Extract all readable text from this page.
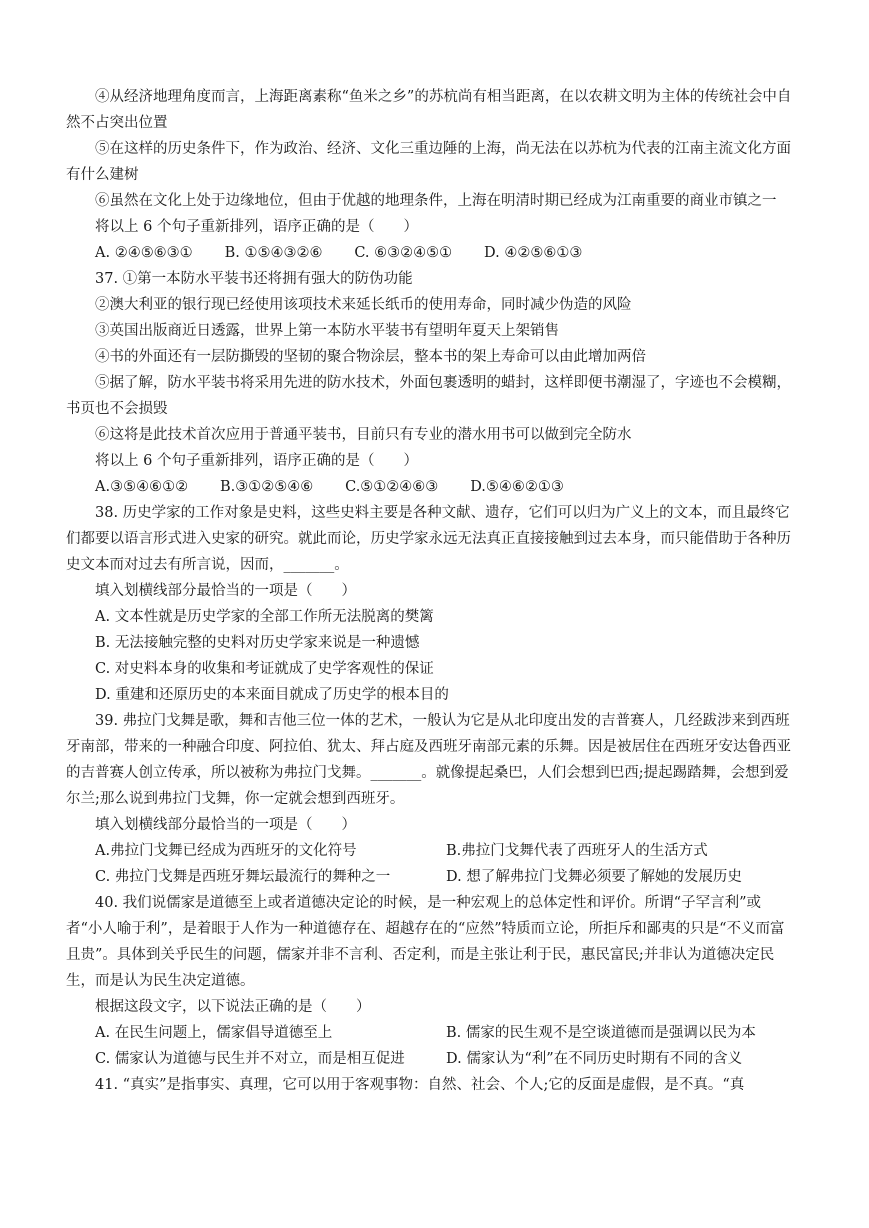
④从经济地理角度而言，上海距离素称“鱼米之乡”的苏杭尚有相当距离，在以农耕文明为主体的传统社会中自然不占突出位置

⑤在这样的历史条件下，作为政治、经济、文化三重边陲的上海，尚无法在以苏杭为代表的江南主流文化方面有什么建树

⑥虽然在文化上处于边缘地位，但由于优越的地理条件，上海在明清时期已经成为江南重要的商业市镇之一

将以上 6 个句子重新排列，语序正确的是（　　）

A. ②④⑤⑥③① B. ①⑤④③②⑥ C. ⑥③②④⑤① D. ④②⑤⑥①③

37. ①第一本防水平装书还将拥有强大的防伪功能

②澳大利亚的银行现已经使用该项技术来延长纸币的使用寿命，同时减少伪造的风险

③英国出版商近日透露，世界上第一本防水平装书有望明年夏天上架销售

④书的外面还有一层防撕毁的坚韧的聚合物涂层，整本书的架上寿命可以由此增加两倍

⑤据了解，防水平装书将采用先进的防水技术，外面包裹透明的蜡封，这样即便书潮湿了，字迹也不会模糊，书页也不会损毁

⑥这将是此技术首次应用于普通平装书，目前只有专业的潜水用书可以做到完全防水

将以上 6 个句子重新排列，语序正确的是（　　）

A.③⑤④⑥①② B.③①②⑤④⑥ C.⑤①②④⑥③ D.⑤④⑥②①③

38. 历史学家的工作对象是史料，这些史料主要是各种文献、遗存，它们可以归为广义上的文本，而且最终它们都要以语言形式进入史家的研究。就此而论，历史学家永远无法真正直接接触到过去本身，而只能借助于各种历史文本而对过去有所言说，因而，_______。

填入划横线部分最恰当的一项是（　　）

A. 文本性就是历史学家的全部工作所无法脱离的樊篱

B. 无法接触完整的史料对历史学家来说是一种遗憾

C. 对史料本身的收集和考证就成了史学客观性的保证

D. 重建和还原历史的本来面目就成了历史学的根本目的

39. 弗拉门戈舞是歌，舞和吉他三位一体的艺术，一般认为它是从北印度出发的吉普赛人，几经跋涉来到西班牙南部，带来的一种融合印度、阿拉伯、犹太、拜占庭及西班牙南部元素的乐舞。因是被居住在西班牙安达鲁西亚的吉普赛人创立传承，所以被称为弗拉门戈舞。_______。就像提起桑巴，人们会想到巴西;提起踢踏舞，会想到爱尔兰;那么说到弗拉门戈舞，你一定就会想到西班牙。

填入划横线部分最恰当的一项是（　　）

A.弗拉门戈舞已经成为西班牙的文化符号	B.弗拉门戈舞代表了西班牙人的生活方式
C. 弗拉门戈舞是西班牙舞坛最流行的舞种之一	D. 想了解弗拉门戈舞必须要了解她的发展历史

40. 我们说儒家是道德至上或者道德决定论的时候，是一种宏观上的总体定性和评价。所谓“子罕言利”或者“小人喻于利”，是着眼于人作为一种道德存在、超越存在的“应然”特质而立论，所拒斥和鄙夷的只是“不义而富且贵”。具体到关乎民生的问题，儒家并非不言利、否定利，而是主张让利于民，惠民富民;并非认为道德决定民生，而是认为民生决定道德。

根据这段文字，以下说法正确的是（　　）

A. 在民生问题上，儒家倡导道德至上	B. 儒家的民生观不是空谈道德而是强调以民为本
C. 儒家认为道德与民生并不对立，而是相互促进	D. 儒家认为“利”在不同历史时期有不同的含义

41. “真实”是指事实、真理，它可以用于客观事物：自然、社会、个人;它的反面是虚假，是不真。“真
